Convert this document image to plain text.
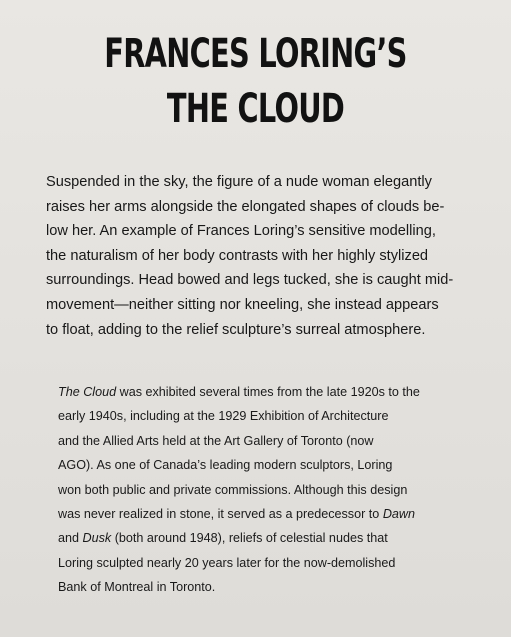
FRANCES LORING’S
THE CLOUD
Suspended in the sky, the figure of a nude woman elegantly
raises her arms alongside the elongated shapes of clouds be-
low her. An example of Frances Loring’s sensitive modelling,
the naturalism of her body contrasts with her highly stylized
surroundings. Head bowed and legs tucked, she is caught mid-
movement—neither sitting nor kneeling, she instead appears
to float, adding to the relief sculpture’s surreal atmosphere.
The Cloud was exhibited several times from the late 1920s to the
early 1940s, including at the 1929 Exhibition of Architecture
and the Allied Arts held at the Art Gallery of Toronto (now
AGO). As one of Canada’s leading modern sculptors, Loring
won both public and private commissions. Although this design
was never realized in stone, it served as a predecessor to Dawn
and Dusk (both around 1948), reliefs of celestial nudes that
Loring sculpted nearly 20 years later for the now-demolished
Bank of Montreal in Toronto.
